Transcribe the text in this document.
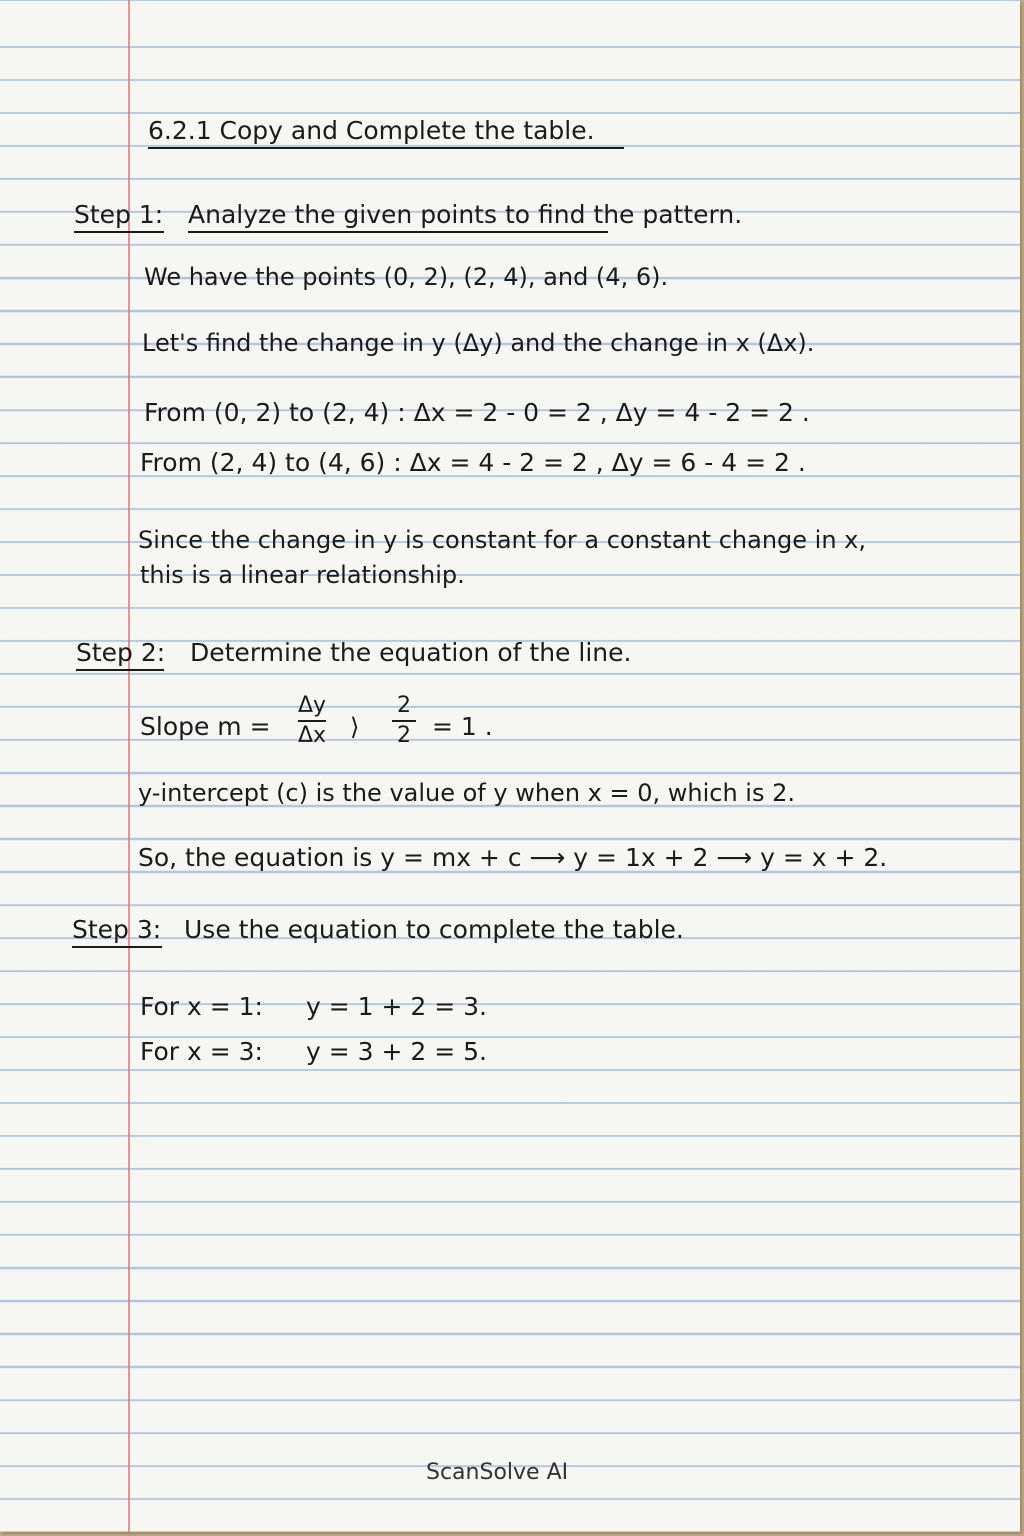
6.2.1 Copy and Complete the table.
Step 1: Analyze the given points to find the pattern.
We have the points (0, 2), (2, 4), and (4, 6).
Let's find the change in y (Δy) and the change in x (Δx).
From (0, 2) to (2, 4) : Δx = 2 - 0 = 2 , Δy = 4 - 2 = 2 .
From (2, 4) to (4, 6) : Δx = 4 - 2 = 2 , Δy = 6 - 4 = 2 .
Since the change in y is constant for a constant change in x,
this is a linear relationship.
Step 2: Determine the equation of the line.
Slope m =
Δy
Δx ⟩
2
2 = 1 .
y-intercept (c) is the value of y when x = 0, which is 2.
So, the equation is y = mx + c ⟶ y = 1x + 2 ⟶ y = x + 2.
Step 3: Use the equation to complete the table.
For x = 1: y = 1 + 2 = 3.
For x = 3: y = 3 + 2 = 5.
ScanSolve AI
